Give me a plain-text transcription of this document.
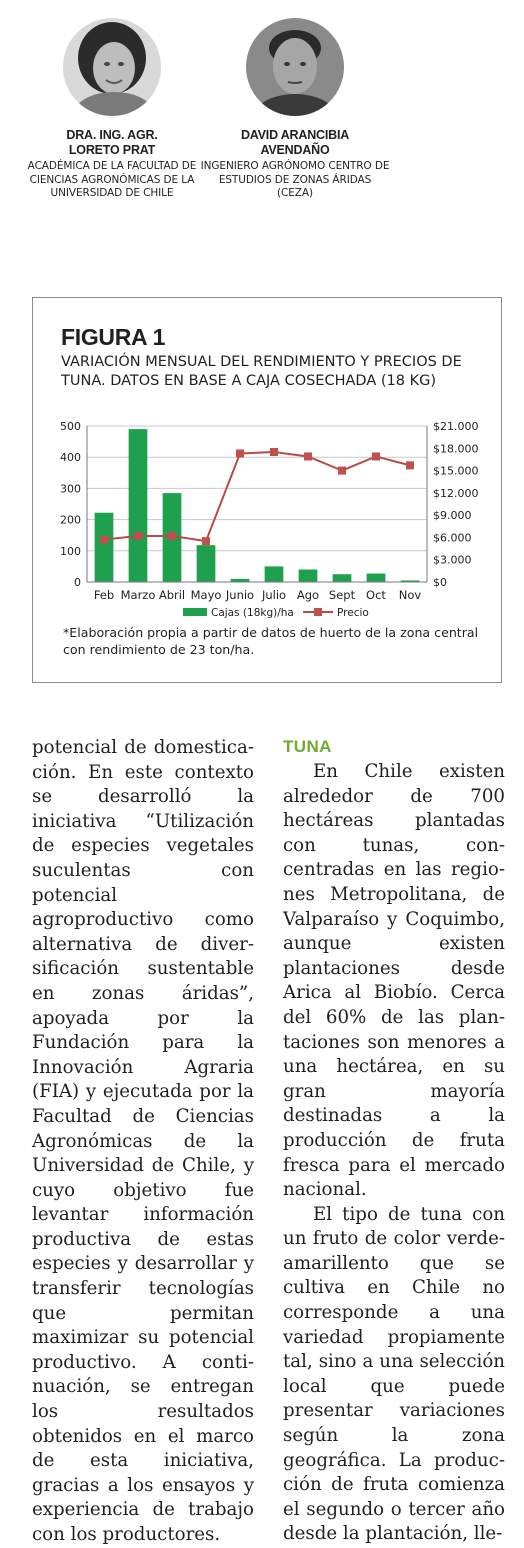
DRA. ING. AGR.
LORETO PRAT
ACADÉMICA DE LA FACULTAD DE CIENCIAS AGRONÓMICAS DE LA UNIVERSIDAD DE CHILE
DAVID ARANCIBIA
AVENDAÑO
INGENIERO AGRÓNOMO CENTRO DE ESTUDIOS DE ZONAS ÁRIDAS (CEZA)
FIGURA 1
VARIACIÓN MENSUAL DEL RENDIMIENTO Y PRECIOS DE TUNA. DATOS EN BASE A CAJA COSECHADA (18 KG)
0
100
200
300
400
500
$0
$3.000
$6.000
$9.000
$12.000
$15.000
$18.000
$21.000
Feb Marzo Abril Mayo Junio Julio Ago Sept Oct Nov
Cajas (18kg)/ha	Precio
*Elaboración propia a partir de datos de huerto de la zona central con rendimiento de 23 ton/ha.

potencial de domesticación. En este contexto se desarrolló la iniciativa “Utilización de especies vegetales suculentas con potencial agroproductivo como alternativa de diversificación sustentable en zonas áridas”, apoyada por la Fundación para la Innovación Agraria (FIA) y ejecutada por la Facultad de Ciencias Agronómicas de la Universidad de Chile, y cuyo objetivo fue levantar información productiva de estas especies y desarrollar y transferir tecnologías que permitan maximizar su potencial productivo. A continuación, se entregan los resultados obtenidos en el marco de esta iniciativa, gracias a los ensayos y experiencia de trabajo con los productores.

TUNA

En Chile existen alrededor de 700 hectáreas plantadas con tunas, concentradas en las regiones Metropolitana, de Valparaíso y Coquimbo, aunque existen plantaciones desde Arica al Biobío. Cerca del 60% de las plantaciones son menores a una hectárea, en su gran mayoría destinadas a la producción de fruta fresca para el mercado nacional.

El tipo de tuna con un fruto de color verde-amarillento que se cultiva en Chile no corresponde a una variedad propiamente tal, sino a una selección local que puede presentar variaciones según la zona geográfica. La producción de fruta comienza el segundo o tercer año desde la plantación, lle-
